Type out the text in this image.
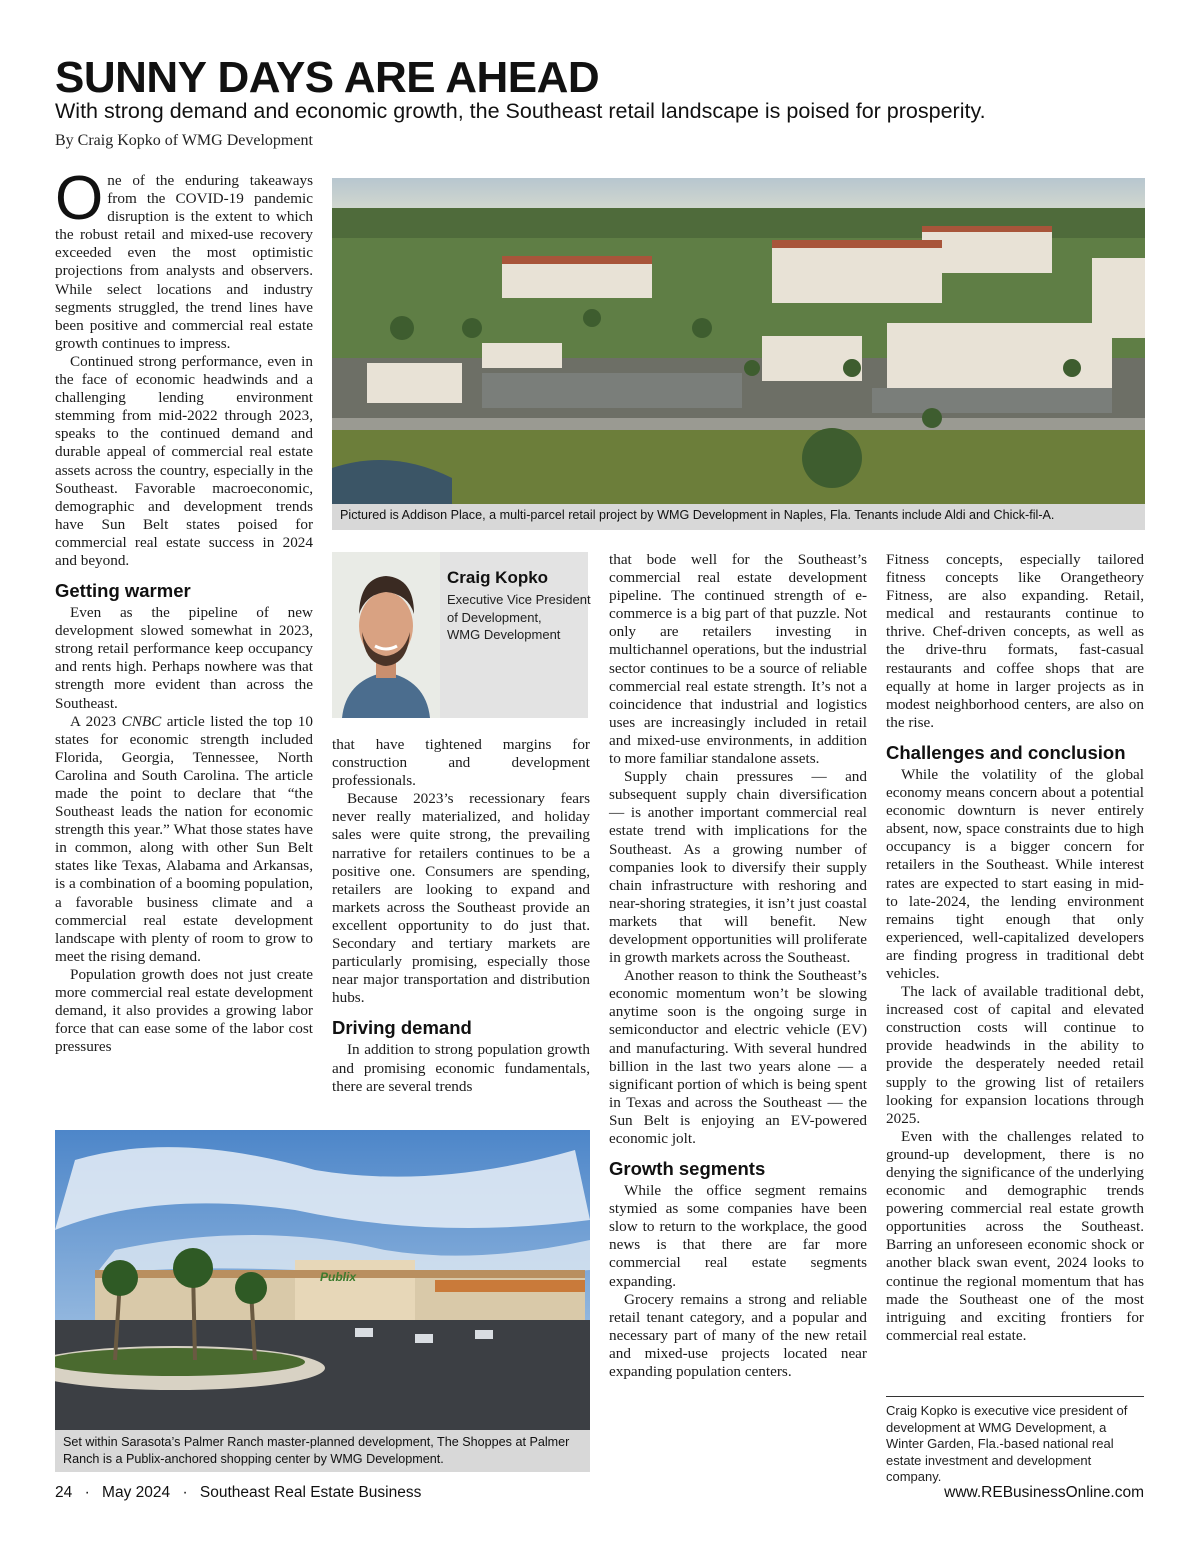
SUNNY DAYS ARE AHEAD
With strong demand and economic growth, the Southeast retail landscape is poised for prosperity.
By Craig Kopko of WMG Development

One of the enduring takeaways from the COVID-19 pandemic disruption is the extent to which the robust retail and mixed-use recovery exceeded even the most optimistic projections from analysts and observers. While select locations and industry segments struggled, the trend lines have been positive and commercial real estate growth continues to impress.

Continued strong performance, even in the face of economic headwinds and a challenging lending environment stemming from mid-2022 through 2023, speaks to the continued demand and durable appeal of commercial real estate assets across the country, especially in the Southeast. Favorable macroeconomic, demographic and development trends have Sun Belt states poised for commercial real estate success in 2024 and beyond.

Getting warmer

Even as the pipeline of new development slowed somewhat in 2023, strong retail performance keep occupancy and rents high. Perhaps nowhere was that strength more evident than across the Southeast.

A 2023 CNBC article listed the top 10 states for economic strength included Florida, Georgia, Tennessee, North Carolina and South Carolina. The article made the point to declare that “the Southeast leads the nation for economic strength this year.” What those states have in common, along with other Sun Belt states like Texas, Alabama and Arkansas, is a combination of a booming population, a favorable business climate and a commercial real estate development landscape with plenty of room to grow to meet the rising demand.

Population growth does not just create more commercial real estate development demand, it also provides a growing labor force that can ease some of the labor cost pressures

Pictured is Addison Place, a multi-parcel retail project by WMG Development in Naples, Fla. Tenants include Aldi and Chick-fil-A.
Craig Kopko
Executive Vice President
of Development,
WMG Development

that have tightened margins for construction and development professionals.

Because 2023’s recessionary fears never really materialized, and holiday sales were quite strong, the prevailing narrative for retailers continues to be a positive one. Consumers are spending, retailers are looking to expand and markets across the Southeast provide an excellent opportunity to do just that. Secondary and tertiary markets are particularly promising, especially those near major transportation and distribution hubs.

Driving demand

In addition to strong population growth and promising economic fundamentals, there are several trends

that bode well for the Southeast’s commercial real estate development pipeline. The continued strength of e-commerce is a big part of that puzzle. Not only are retailers investing in multichannel operations, but the industrial sector continues to be a source of reliable commercial real estate strength. It’s not a coincidence that industrial and logistics uses are increasingly included in retail and mixed-use environments, in addition to more familiar standalone assets.

Supply chain pressures — and subsequent supply chain diversification — is another important commercial real estate trend with implications for the Southeast. As a growing number of companies look to diversify their supply chain infrastructure with reshoring and near-shoring strategies, it isn’t just coastal markets that will benefit. New development opportunities will proliferate in growth markets across the Southeast.

Another reason to think the Southeast’s economic momentum won’t be slowing anytime soon is the ongoing surge in semiconductor and electric vehicle (EV) and manufacturing. With several hundred billion in the last two years alone — a significant portion of which is being spent in Texas and across the Southeast — the Sun Belt is enjoying an EV-powered economic jolt.

Growth segments

While the office segment remains stymied as some companies have been slow to return to the workplace, the good news is that there are far more commercial real estate segments expanding.

Grocery remains a strong and reliable retail tenant category, and a popular and necessary part of many of the new retail and mixed-use projects located near expanding population centers.

Fitness concepts, especially tailored fitness concepts like Orangetheory Fitness, are also expanding. Retail, medical and restaurants continue to thrive. Chef-driven concepts, as well as the drive-thru formats, fast-casual restaurants and coffee shops that are equally at home in larger projects as in modest neighborhood centers, are also on the rise.

Challenges and conclusion

While the volatility of the global economy means concern about a potential economic downturn is never entirely absent, now, space constraints due to high occupancy is a bigger concern for retailers in the Southeast. While interest rates are expected to start easing in mid- to late-2024, the lending environment remains tight enough that only experienced, well-capitalized developers are finding progress in traditional debt vehicles.

The lack of available traditional debt, increased cost of capital and elevated construction costs will continue to provide headwinds in the ability to provide the desperately needed retail supply to the growing list of retailers looking for expansion locations through 2025.

Even with the challenges related to ground-up development, there is no denying the significance of the underlying economic and demographic trends powering commercial real estate growth opportunities across the Southeast. Barring an unforeseen economic shock or another black swan event, 2024 looks to continue the regional momentum that has made the Southeast one of the most intriguing and exciting frontiers for commercial real estate.

Craig Kopko is executive vice president of development at WMG Development, a Winter Garden, Fla.-based national real estate investment and development company.
Publix
Set within Sarasota’s Palmer Ranch master-planned development, The Shoppes at Palmer Ranch is a Publix-anchored shopping center by WMG Development.
24 · May 2024 · Southeast Real Estate Business	www.REBusinessOnline.com
